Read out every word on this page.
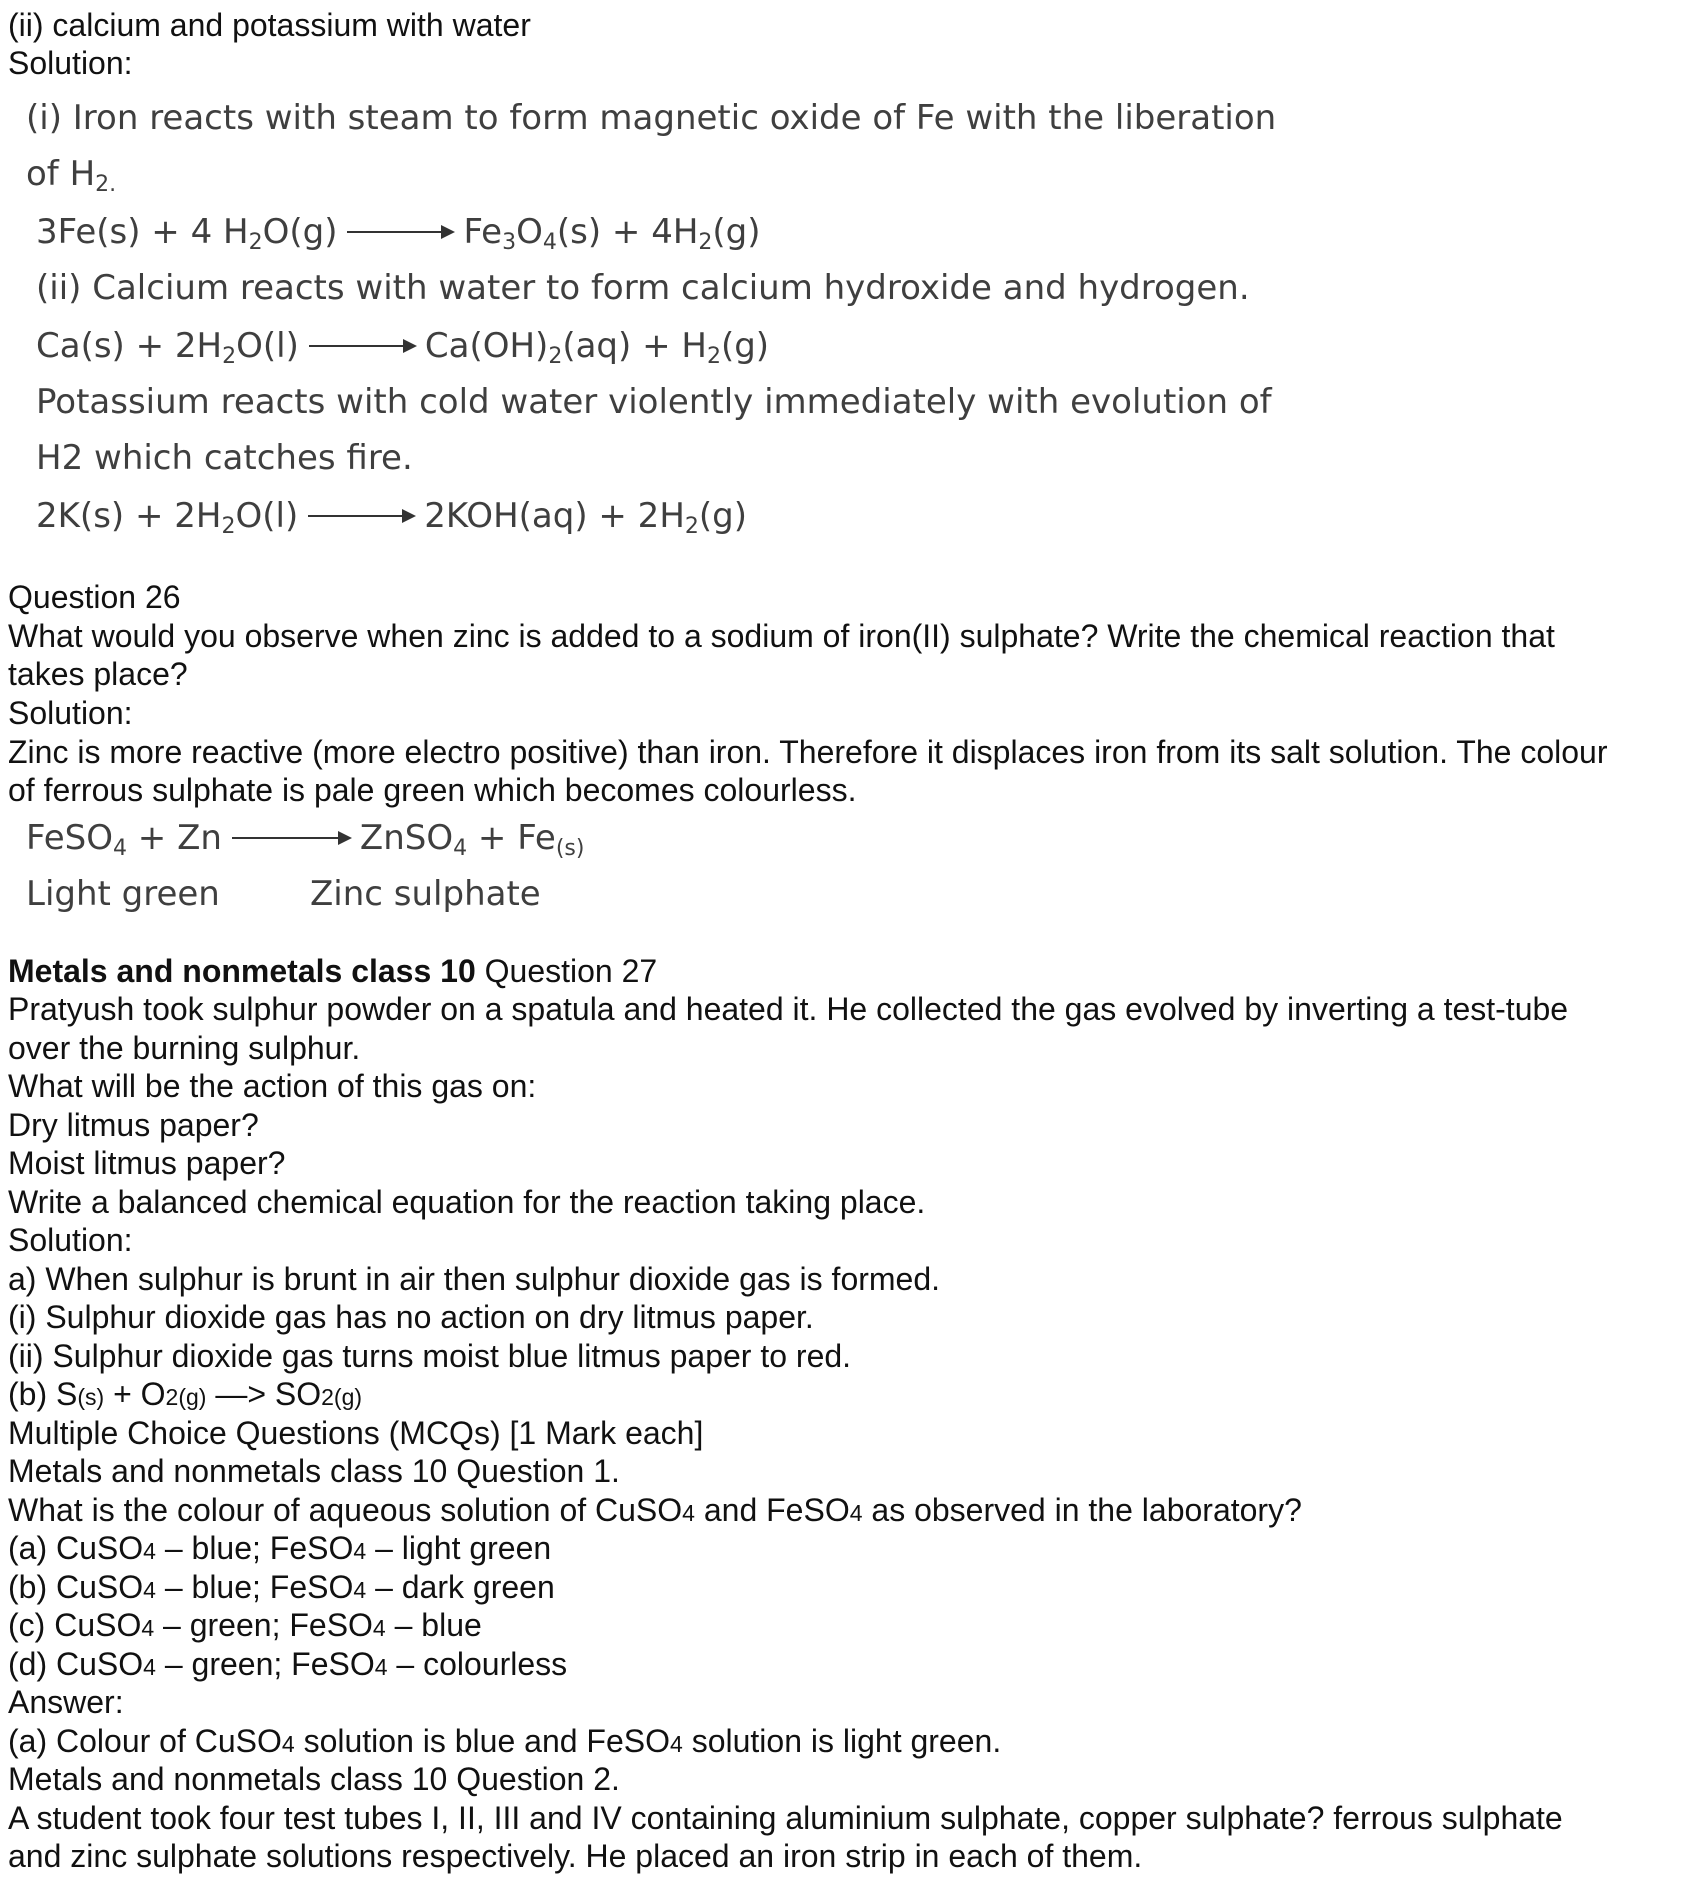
(ii) calcium and potassium with water
Solution:
(i) Iron reacts with steam to form magnetic oxide of Fe with the liberation
of $H_{2.}$
3Fe(s) + 4 $H_2O(g) \to Fe_3O_4(s) + 4H_2(g)$
(ii) Calcium reacts with water to form calcium hydroxide and hydrogen.
$Ca(s) + 2H_2O(l) \to Ca(OH)_2(aq) + H_2(g)$
Potassium reacts with cold water violently immediately with evolution of
H2 which catches fire.
$2K(s) + 2H_2O(l) \to 2KOH(aq) + 2H_2(g)$
Question 26
What would you observe when zinc is added to a sodium of iron(II) sulphate? Write the chemical reaction that
takes place?
Solution:
Zinc is more reactive (more electro positive) than iron. Therefore it displaces iron from its salt solution. The colour
of ferrous sulphate is pale green which becomes colourless.
FeSO$_4$ + Zn → ZnSO$_4$ + $Fe_{(s)}$
Light green	Zinc sulphate
Metals and nonmetals class 10 Question 27
Pratyush took sulphur powder on a spatula and heated it. He collected the gas evolved by inverting a test-tube
over the burning sulphur.
What will be the action of this gas on:
Dry litmus paper?
Moist litmus paper?
Write a balanced chemical equation for the reaction taking place.
Solution:
a) When sulphur is brunt in air then sulphur dioxide gas is formed.
(i) Sulphur dioxide gas has no action on dry litmus paper.
(ii) Sulphur dioxide gas turns moist blue litmus paper to red.
(b) S(s) + O2(g) —> SO2(g)
Multiple Choice Questions (MCQs) [1 Mark each]
Metals and nonmetals class 10 Question 1.
What is the colour of aqueous solution of CuSO4 and FeSO4 as observed in the laboratory?
(a) CuSO4 – blue; FeSO4 – light green
(b) CuSO4 – blue; FeSO4 – dark green
(c) CuSO4 – green; FeSO4 – blue
(d) CuSO4 – green; FeSO4 – colourless
Answer:
(a) Colour of CuSO4 solution is blue and FeSO4 solution is light green.
Metals and nonmetals class 10 Question 2.
A student took four test tubes I, II, III and IV containing aluminium sulphate, copper sulphate? ferrous sulphate
and zinc sulphate solutions respectively. He placed an iron strip in each of them.
